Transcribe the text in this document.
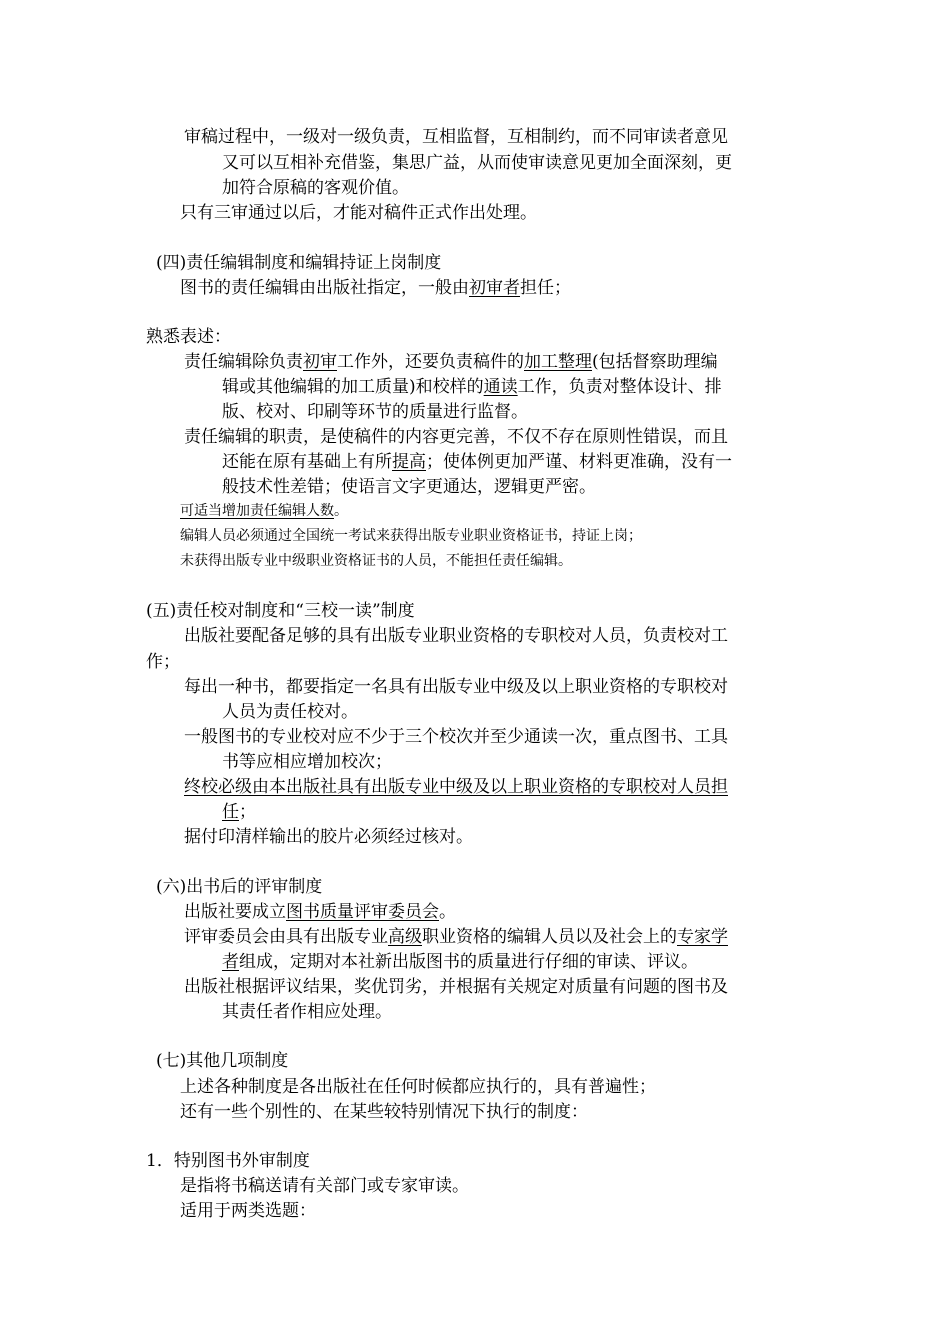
审稿过程中，一级对一级负责，互相监督，互相制约，而不同审读者意见
又可以互相补充借鉴，集思广益，从而使审读意见更加全面深刻，更
加符合原稿的客观价值。
只有三审通过以后，才能对稿件正式作出处理。
(四)责任编辑制度和编辑持证上岗制度
图书的责任编辑由出版社指定，一般由初审者担任；
熟悉表述：
责任编辑除负责初审工作外，还要负责稿件的加工整理(包括督察助理编
辑或其他编辑的加工质量)和校样的通读工作，负责对整体设计、排
版、校对、印刷等环节的质量进行监督。
责任编辑的职责，是使稿件的内容更完善，不仅不存在原则性错误，而且
还能在原有基础上有所提高；使体例更加严谨、材料更准确，没有一
般技术性差错；使语言文字更通达，逻辑更严密。
可适当增加责任编辑人数。
编辑人员必须通过全国统一考试来获得出版专业职业资格证书，持证上岗；
未获得出版专业中级职业资格证书的人员，不能担任责任编辑。
(五)责任校对制度和“三校一读”制度
出版社要配备足够的具有出版专业职业资格的专职校对人员，负责校对工
作；
每出一种书，都要指定一名具有出版专业中级及以上职业资格的专职校对
人员为责任校对。
一般图书的专业校对应不少于三个校次并至少通读一次，重点图书、工具
书等应相应增加校次；
终校必级由本出版社具有出版专业中级及以上职业资格的专职校对人员担
任；
据付印清样输出的胶片必须经过核对。
(六)出书后的评审制度
出版社要成立图书质量评审委员会。
评审委员会由具有出版专业高级职业资格的编辑人员以及社会上的专家学
者组成，定期对本社新出版图书的质量进行仔细的审读、评议。
出版社根据评议结果，奖优罚劣，并根据有关规定对质量有问题的图书及
其责任者作相应处理。
(七)其他几项制度
上述各种制度是各出版社在任何时候都应执行的，具有普遍性；
还有一些个别性的、在某些较特别情况下执行的制度：
1．特别图书外审制度
是指将书稿送请有关部门或专家审读。
适用于两类选题：
